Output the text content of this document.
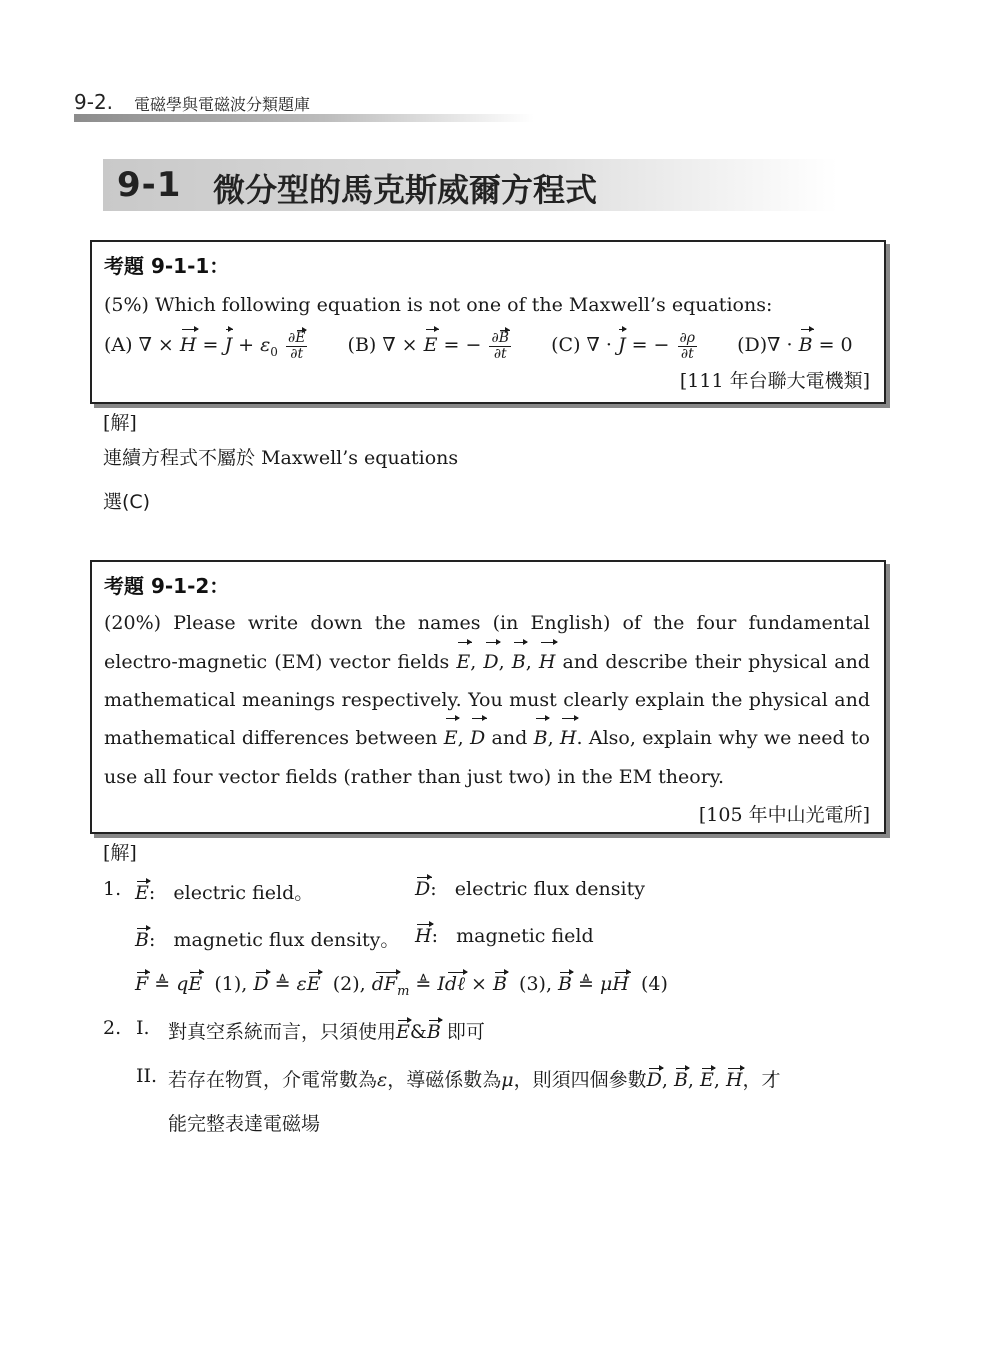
9-2. 電磁學與電磁波分類題庫
9-1 微分型的馬克斯威爾方程式
考題 9-1-1：
(5%) Which following equation is not one of the Maxwell’s equations:
(A) ∇ × $H = J + \varepsilon_0 \frac{\partial E}{\partial t} (B)$ ∇ × E = − $\frac{\partial B}{\partial t} (C)$ ∇ · J = − $\frac{\partial\rho}{\partial t} (D)\nabla \cdot B = 0$
[111 年台聯大電機類]
[解]
連續方程式不屬於 Maxwell’s equations
選(C)
考題 9-1-2：
(20%) Please write down the names (in English) of the four fundamental
electro-magnetic (EM) vector fields E, D, B, H and describe their physical and
mathematical meanings respectively. You must clearly explain the physical and
mathematical differences between E, D and B, H. Also, explain why we need to
use all four vector fields (rather than just two) in the EM theory.
[105 年中山光電所]
[解]
1. E:   electric field。	D:   electric flux density
B:   magnetic flux density。 H:   magnetic field
F ≜ qE  (1), D ≜ εE  (2), $dF_m$ ≜ Idℓ × B  (3), B ≜ μH  (4)
2. I. 對真空系統而言，只須使用E&B 即可
II. 若存在物質，介電常數為ε，導磁係數為μ，則須四個參數D, B, E, H，才
能完整表達電磁場
